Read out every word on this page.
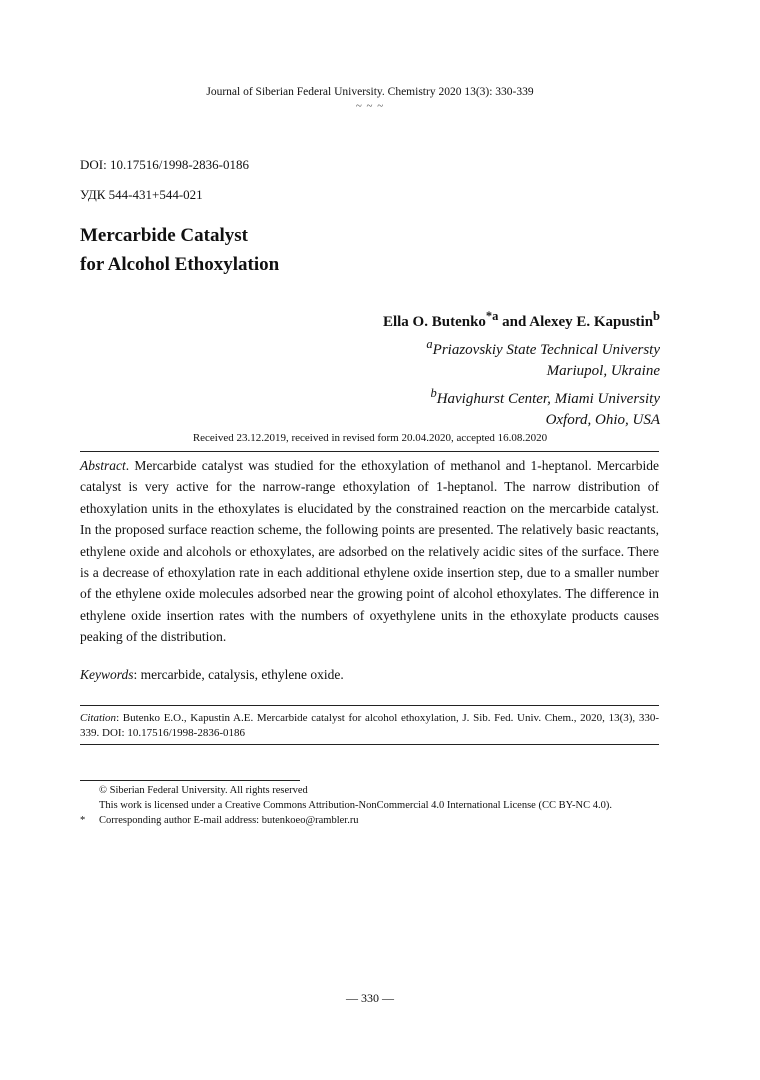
Journal of Siberian Federal University. Chemistry 2020 13(3): 330-339
~ ~ ~
DOI: 10.17516/1998-2836-0186
УДК 544-431+544-021
Mercarbide Catalyst
for Alcohol Ethoxylation
Ella O. Butenko$^{*a}$ and Alexey E. Kapustin$^b$
$^a$Priazovskiy State Technical Universty
Mariupol, Ukraine
$^b$Havighurst Center, Miami University
Oxford, Ohio, USA
Received 23.12.2019, received in revised form 20.04.2020, accepted 16.08.2020
Abstract. Mercarbide catalyst was studied for the ethoxylation of methanol and 1-heptanol. Mercarbide catalyst is very active for the narrow-range ethoxylation of 1-heptanol. The narrow distribution of ethoxylation units in the ethoxylates is elucidated by the constrained reaction on the mercarbide catalyst. In the proposed surface reaction scheme, the following points are presented. The relatively basic reactants, ethylene oxide and alcohols or ethoxylates, are adsorbed on the relatively acidic sites of the surface. There is a decrease of ethoxylation rate in each additional ethylene oxide insertion step, due to a smaller number of the ethylene oxide molecules adsorbed near the growing point of alcohol ethoxylates. The difference in ethylene oxide insertion rates with the numbers of oxyethylene units in the ethoxylate products causes peaking of the distribution.
Keywords: mercarbide, catalysis, ethylene oxide.
Citation: Butenko E.O., Kapustin A.E. Mercarbide catalyst for alcohol ethoxylation, J. Sib. Fed. Univ. Chem., 2020, 13(3), 330-339. DOI: 10.17516/1998-2836-0186
© Siberian Federal University. All rights reserved
This work is licensed under a Creative Commons Attribution-NonCommercial 4.0 International License (CC BY-NC 4.0).
* Corresponding author E-mail address: butenkoeo@rambler.ru
— 330 —
